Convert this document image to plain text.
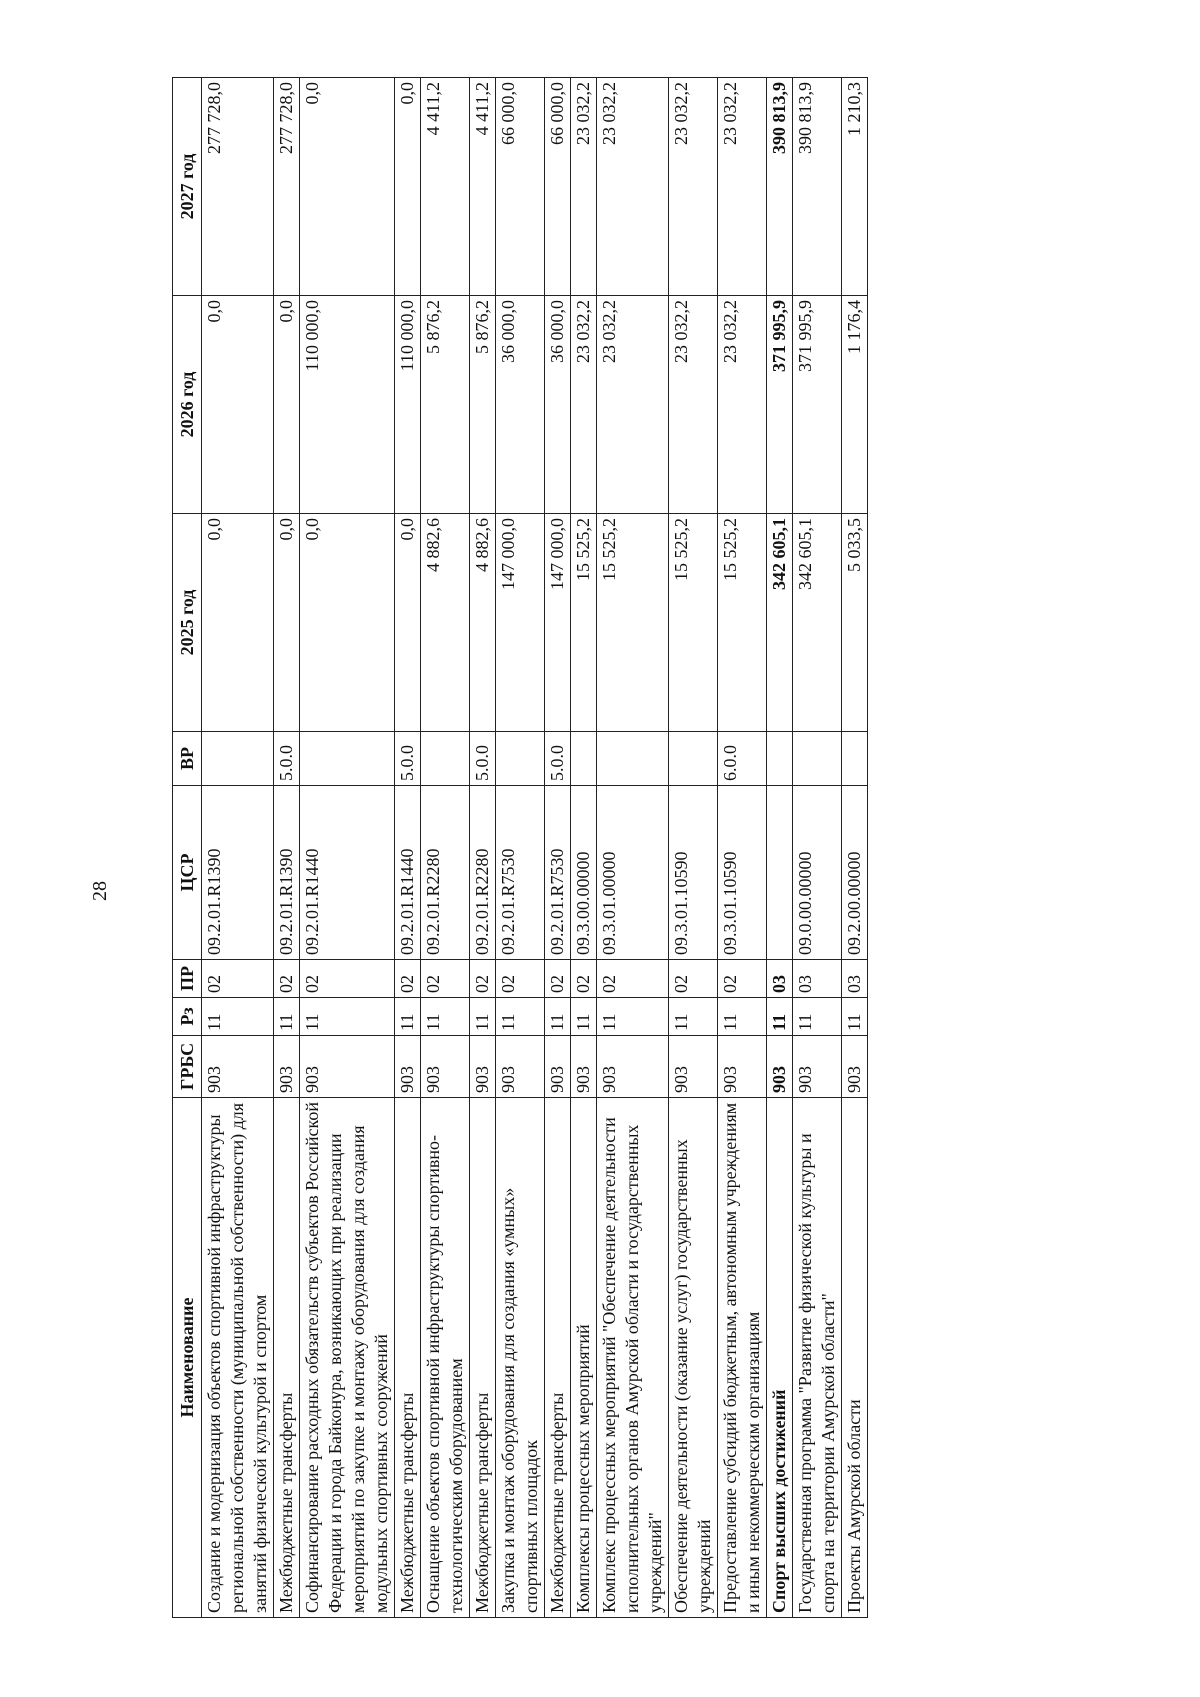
28
Наименование	ГРБС	Рз	ПР	ЦСР	ВР	2025 год	2026 год	2027 год
Создание и модернизация объектов спортивной инфраструктуры региональной собственности (муниципальной собственности) для занятий физической культурой и спортом	903	11	02	09.2.01.R1390		0,0	0,0	277 728,0
Межбюджетные трансферты	903	11	02	09.2.01.R1390	5.0.0	0,0	0,0	277 728,0
Софинансирование расходных обязательств субъектов Российской Федерации и города Байконура, возникающих при реализации мероприятий по закупке и монтажу оборудования для создания модульных спортивных сооружений	903	11	02	09.2.01.R1440		0,0	110 000,0	0,0
Межбюджетные трансферты	903	11	02	09.2.01.R1440	5.0.0	0,0	110 000,0	0,0
Оснащение объектов спортивной инфраструктуры спортивно-технологическим оборудованием	903	11	02	09.2.01.R2280		4 882,6	5 876,2	4 411,2
Межбюджетные трансферты	903	11	02	09.2.01.R2280	5.0.0	4 882,6	5 876,2	4 411,2
Закупка и монтаж оборудования для создания «умных» спортивных площадок	903	11	02	09.2.01.R7530		147 000,0	36 000,0	66 000,0
Межбюджетные трансферты	903	11	02	09.2.01.R7530	5.0.0	147 000,0	36 000,0	66 000,0
Комплексы процессных мероприятий	903	11	02	09.3.00.00000		15 525,2	23 032,2	23 032,2
Комплекс процессных мероприятий "Обеспечение деятельности исполнительных органов Амурской области и государственных учреждений"	903	11	02	09.3.01.00000		15 525,2	23 032,2	23 032,2
Обеспечение деятельности (оказание услуг) государственных учреждений	903	11	02	09.3.01.10590		15 525,2	23 032,2	23 032,2
Предоставление субсидий бюджетным, автономным учреждениям и иным некоммерческим организациям	903	11	02	09.3.01.10590	6.0.0	15 525,2	23 032,2	23 032,2
Спорт высших достижений	903	11	03			342 605,1	371 995,9	390 813,9
Государственная программа "Развитие физической культуры и спорта на территории Амурской области"	903	11	03	09.0.00.00000		342 605,1	371 995,9	390 813,9
Проекты Амурской области	903	11	03	09.2.00.00000		5 033,5	1 176,4	1 210,3
